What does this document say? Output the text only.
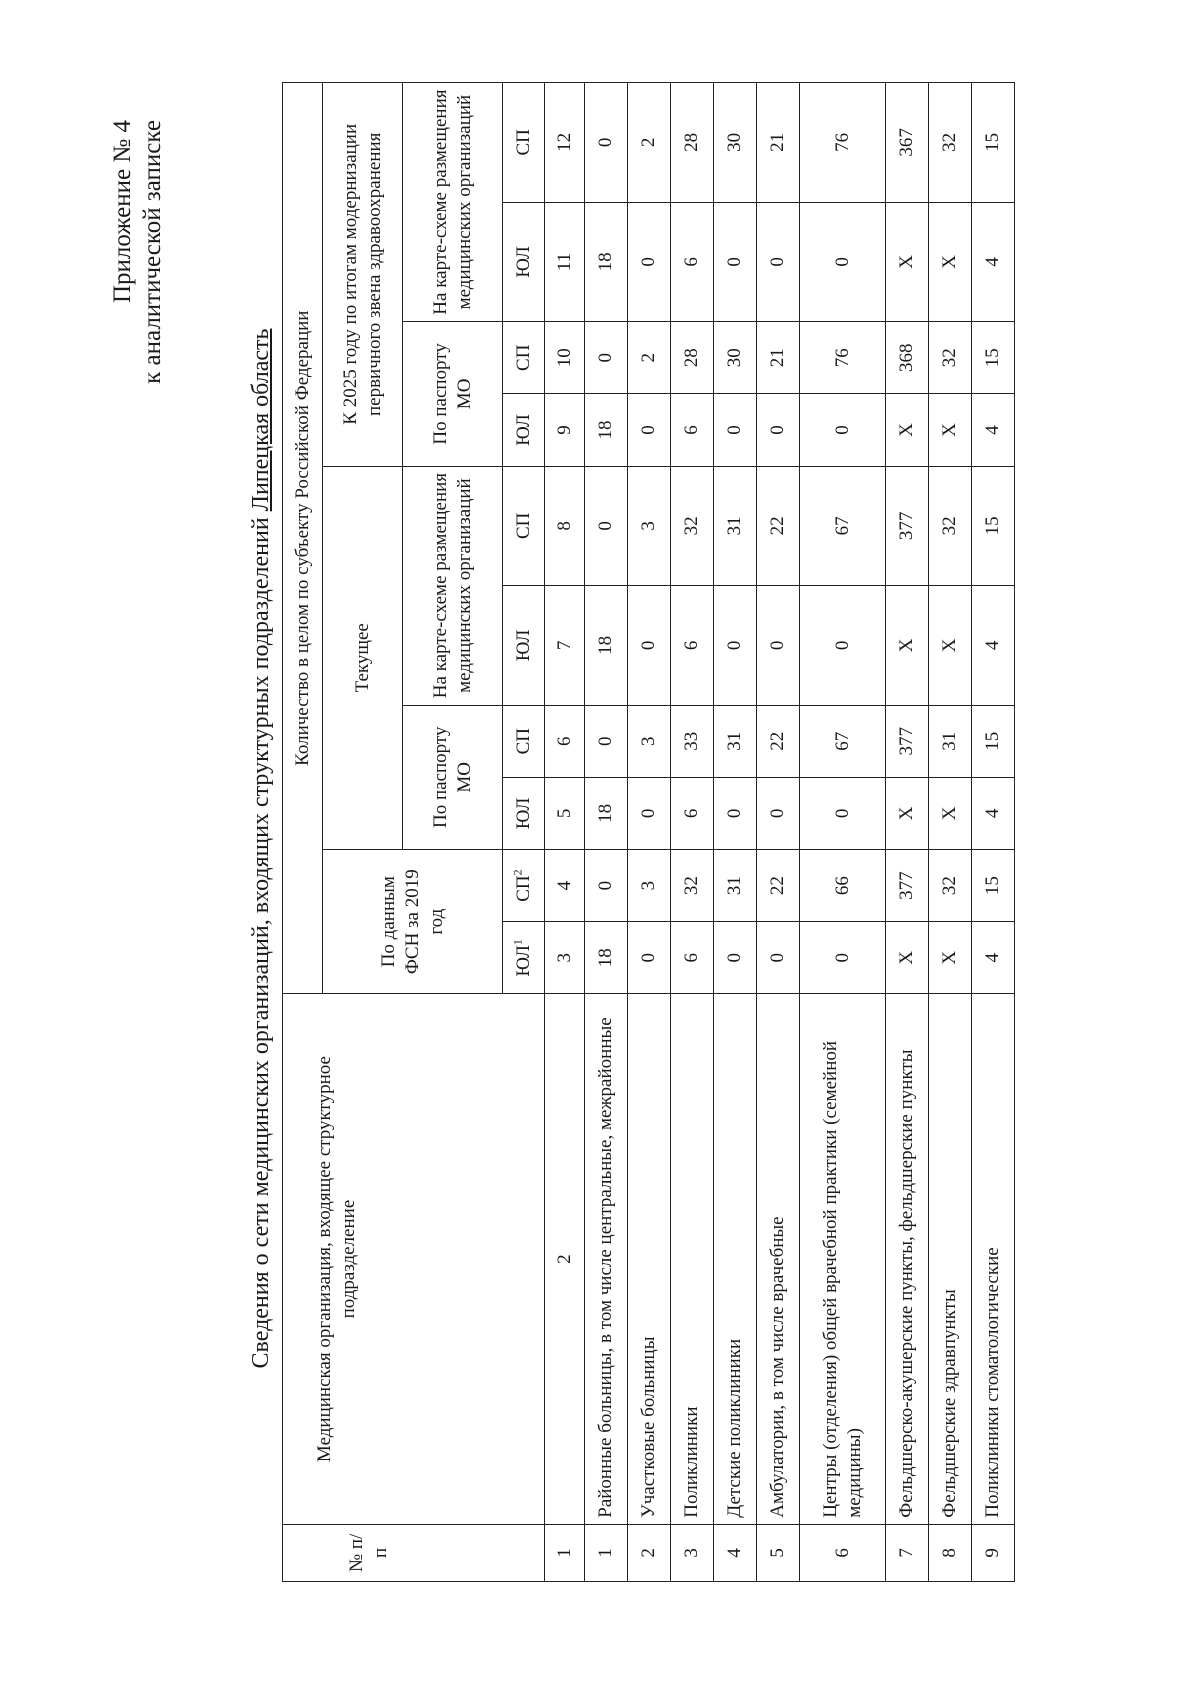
Приложение № 4 к аналитической записке
Сведения о сети медицинских организаций, входящих структурных подразделений Липецкая область
№ п/п	Медицинская организация, входящее структурное подразделение	Количество в целом по субъекту Российской Федерации									
		По данным ФСН за 2019 год		Текущее				К 2025 году по итогам модернизации первичного звена здравоохранения			
				По паспорту МО		На карте-схеме размещения медицинских организаций		По паспорту МО		На карте-схеме размещения медицинских организаций	
		$ЮЛ^1$	$СП^2$	ЮЛ	СП	ЮЛ	СП	ЮЛ	СП	ЮЛ	СП
1	2	3	4	5	6	7	8	9	10	11	12
1	Районные больницы, в том числе центральные, межрайонные	18	0	18	0	18	0	18	0	18	0
2	Участковые больницы	0	3	0	3	0	3	0	2	0	2
3	Поликлиники	6	32	6	33	6	32	6	28	6	28
4	Детские поликлиники	0	31	0	31	0	31	0	30	0	30
5	Амбулатории, в том числе врачебные	0	22	0	22	0	22	0	21	0	21
6	Центры (отделения) общей врачебной практики (семейной медицины)	0	66	0	67	0	67	0	76	0	76
7	Фельдшерско-акушерские пункты, фельдшерские пункты	X	377	X	377	X	377	X	368	X	367
8	Фельдшерские здравпункты	X	32	X	31	X	32	X	32	X	32
9	Поликлиники стоматологические	4	15	4	15	4	15	4	15	4	15
